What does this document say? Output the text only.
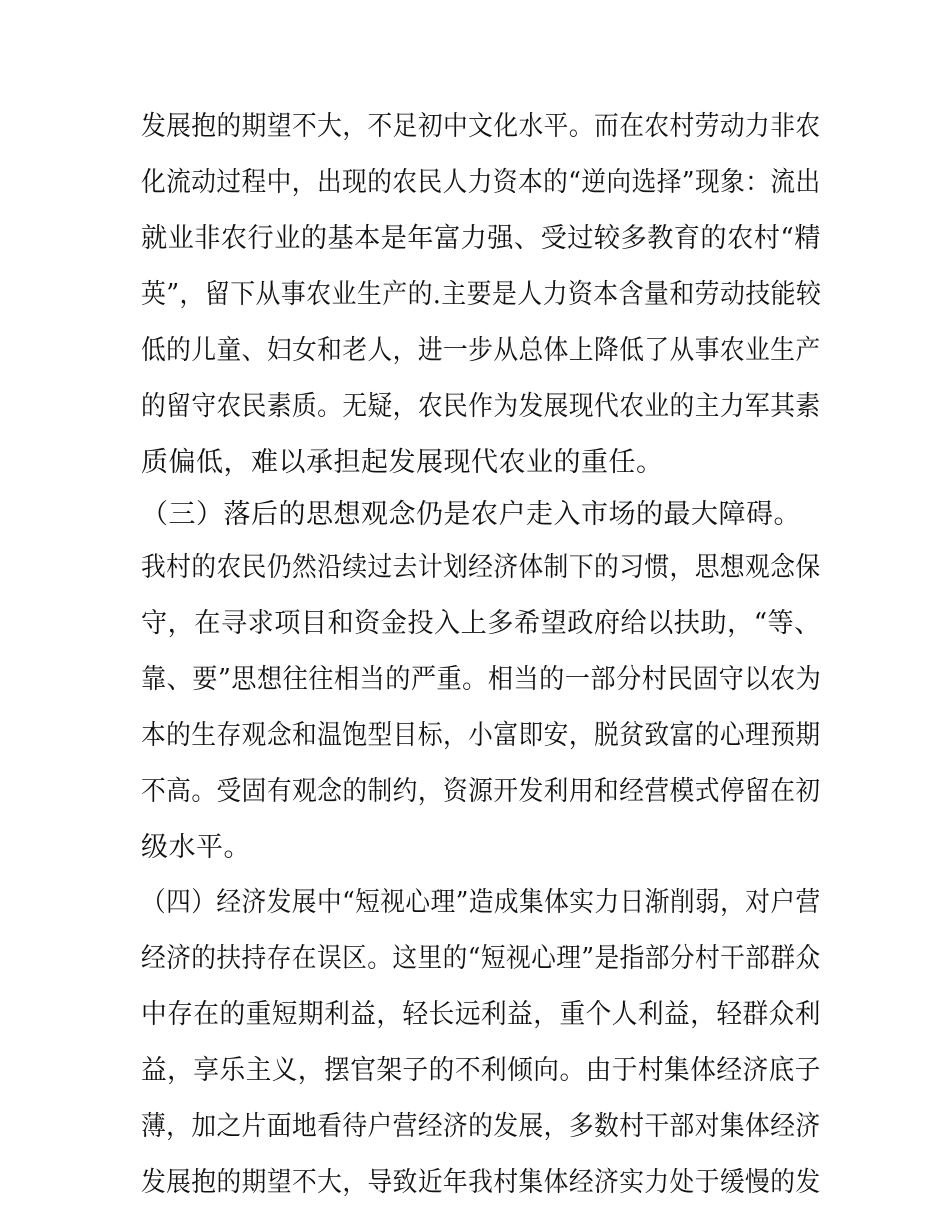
发展抱的期望不大，不足初中文化水平。而在农村劳动力非农
化流动过程中，出现的农民人力资本的“逆向选择”现象：流出
就业非农行业的基本是年富力强、受过较多教育的农村“精
英”，留下从事农业生产的.主要是人力资本含量和劳动技能较
低的儿童、妇女和老人，进一步从总体上降低了从事农业生产
的留守农民素质。无疑，农民作为发展现代农业的主力军其素
质偏低，难以承担起发展现代农业的重任。
（三）落后的思想观念仍是农户走入市场的最大障碍。
我村的农民仍然沿续过去计划经济体制下的习惯，思想观念保
守，在寻求项目和资金投入上多希望政府给以扶助，“等、
靠、要”思想往往相当的严重。相当的一部分村民固守以农为
本的生存观念和温饱型目标，小富即安，脱贫致富的心理预期
不高。受固有观念的制约，资源开发利用和经营模式停留在初
级水平。
（四）经济发展中“短视心理”造成集体实力日渐削弱，对户营
经济的扶持存在误区。这里的“短视心理”是指部分村干部群众
中存在的重短期利益，轻长远利益，重个人利益，轻群众利
益，享乐主义，摆官架子的不利倾向。由于村集体经济底子
薄，加之片面地看待户营经济的发展，多数村干部对集体经济
发展抱的期望不大，导致近年我村集体经济实力处于缓慢的发
